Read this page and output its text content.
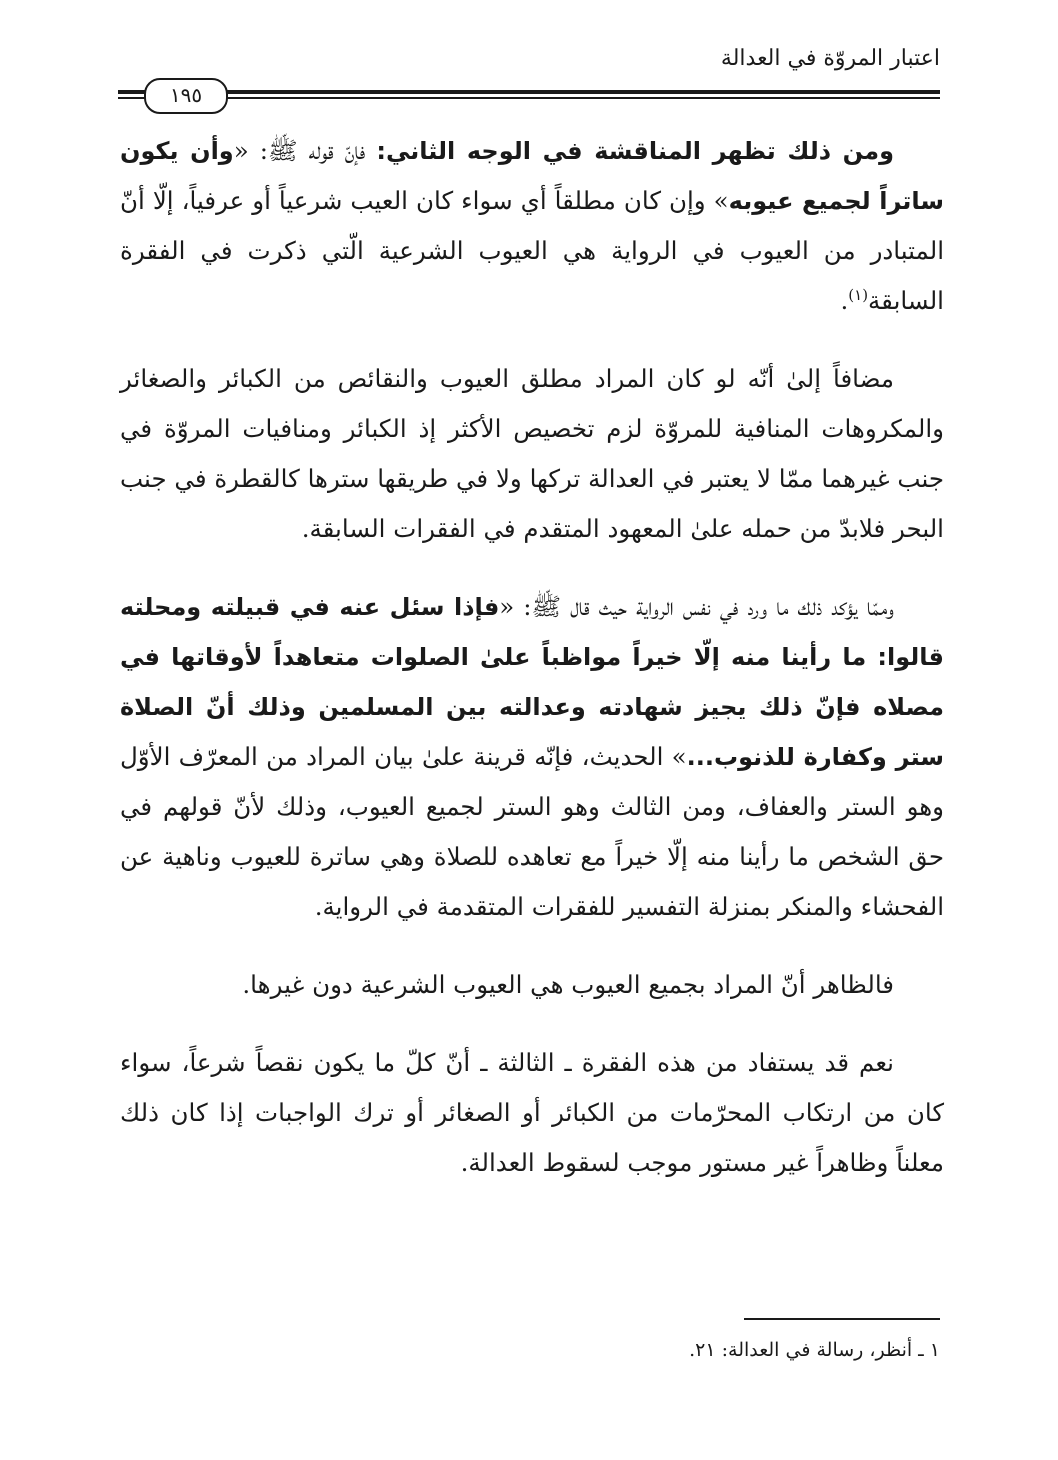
اعتبار المروّة في العدالة
١٩٥

ومن ذلك تظهر المناقشة في الوجه الثاني: فإنّ قوله ﷺ: «وأن يكون ساتراً لجميع عيوبه» وإن كان مطلقاً أي سواء كان العيب شرعياً أو عرفياً، إلّا أنّ المتبادر من العيوب في الرواية هي العيوب الشرعية الّتي ذكرت في الفقرة السابقة$^{(١)}$.

مضافاً إلىٰ أنّه لو كان المراد مطلق العيوب والنقائص من الكبائر والصغائر والمكروهات المنافية للمروّة لزم تخصيص الأكثر إذ الكبائر ومنافيات المروّة في جنب غيرهما ممّا لا يعتبر في العدالة تركها ولا في طريقها سترها كالقطرة في جنب البحر فلابدّ من حمله علىٰ المعهود المتقدم في الفقرات السابقة.

وممّا يؤكد ذلك ما ورد في نفس الرواية حيث قال ﷺ: «فإذا سئل عنه في قبيلته ومحلته قالوا: ما رأينا منه إلّا خيراً مواظباً علىٰ الصلوات متعاهداً لأوقاتها في مصلاه فإنّ ذلك يجيز شهادته وعدالته بين المسلمين وذلك أنّ الصلاة ستر وكفارة للذنوب...» الحديث، فإنّه قرينة علىٰ بيان المراد من المعرّف الأوّل وهو الستر والعفاف، ومن الثالث وهو الستر لجميع العيوب، وذلك لأنّ قولهم في حق الشخص ما رأينا منه إلّا خيراً مع تعاهده للصلاة وهي ساترة للعيوب وناهية عن الفحشاء والمنكر بمنزلة التفسير للفقرات المتقدمة في الرواية.

فالظاهر أنّ المراد بجميع العيوب هي العيوب الشرعية دون غيرها.

نعم قد يستفاد من هذه الفقرة ـ الثالثة ـ أنّ كلّ ما يكون نقصاً شرعاً، سواء كان من ارتكاب المحرّمات من الكبائر أو الصغائر أو ترك الواجبات إذا كان ذلك معلناً وظاهراً غير مستور موجب لسقوط العدالة.

١ ـ أنظر، رسالة في العدالة: ٢١.
